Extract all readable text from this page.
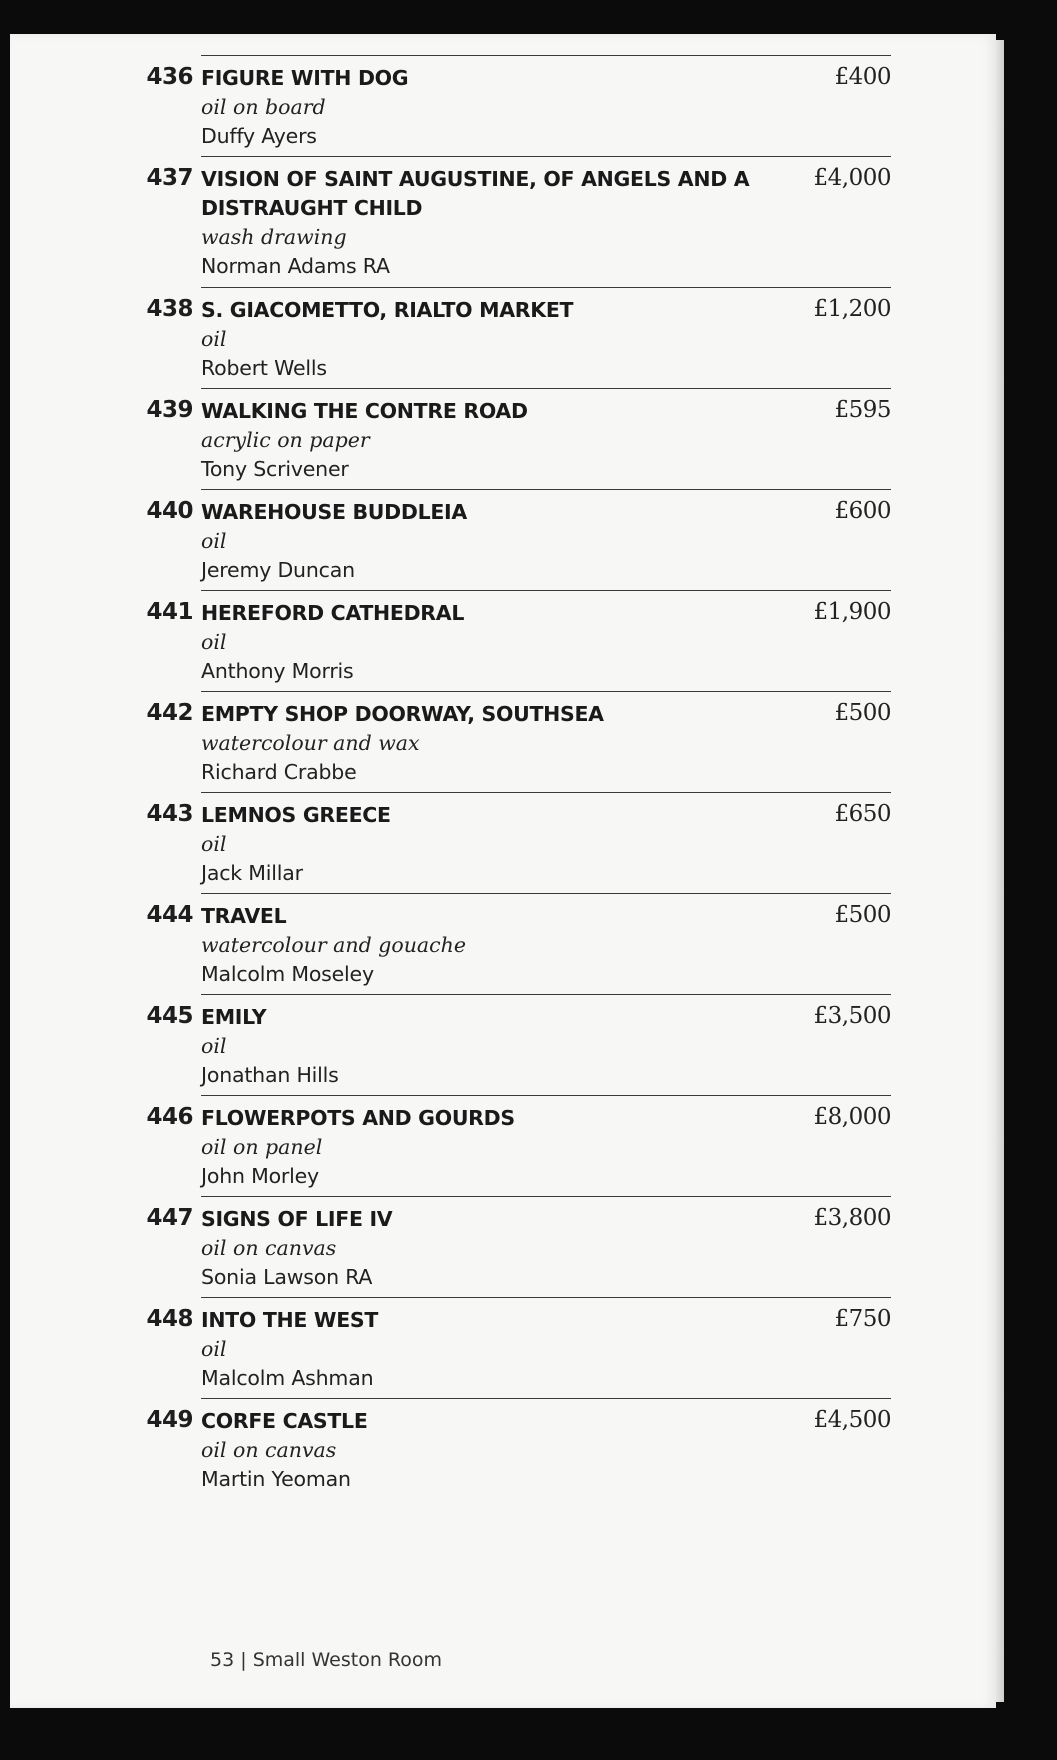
436 FIGURE WITH DOG
oil on board
Duffy Ayers
£400
437 VISION OF SAINT AUGUSTINE, OF ANGELS AND A DISTRAUGHT CHILD
wash drawing
Norman Adams RA
£4,000
438 S. GIACOMETTO, RIALTO MARKET
oil
Robert Wells
£1,200
439 WALKING THE CONTRE ROAD
acrylic on paper
Tony Scrivener
£595
440 WAREHOUSE BUDDLEIA
oil
Jeremy Duncan
£600
441 HEREFORD CATHEDRAL
oil
Anthony Morris
£1,900
442 EMPTY SHOP DOORWAY, SOUTHSEA
watercolour and wax
Richard Crabbe
£500
443 LEMNOS GREECE
oil
Jack Millar
£650
444 TRAVEL
watercolour and gouache
Malcolm Moseley
£500
445 EMILY
oil
Jonathan Hills
£3,500
446 FLOWERPOTS AND GOURDS
oil on panel
John Morley
£8,000
447 SIGNS OF LIFE IV
oil on canvas
Sonia Lawson RA
£3,800
448 INTO THE WEST
oil
Malcolm Ashman
£750
449 CORFE CASTLE
oil on canvas
Martin Yeoman
£4,500
53 | Small Weston Room
